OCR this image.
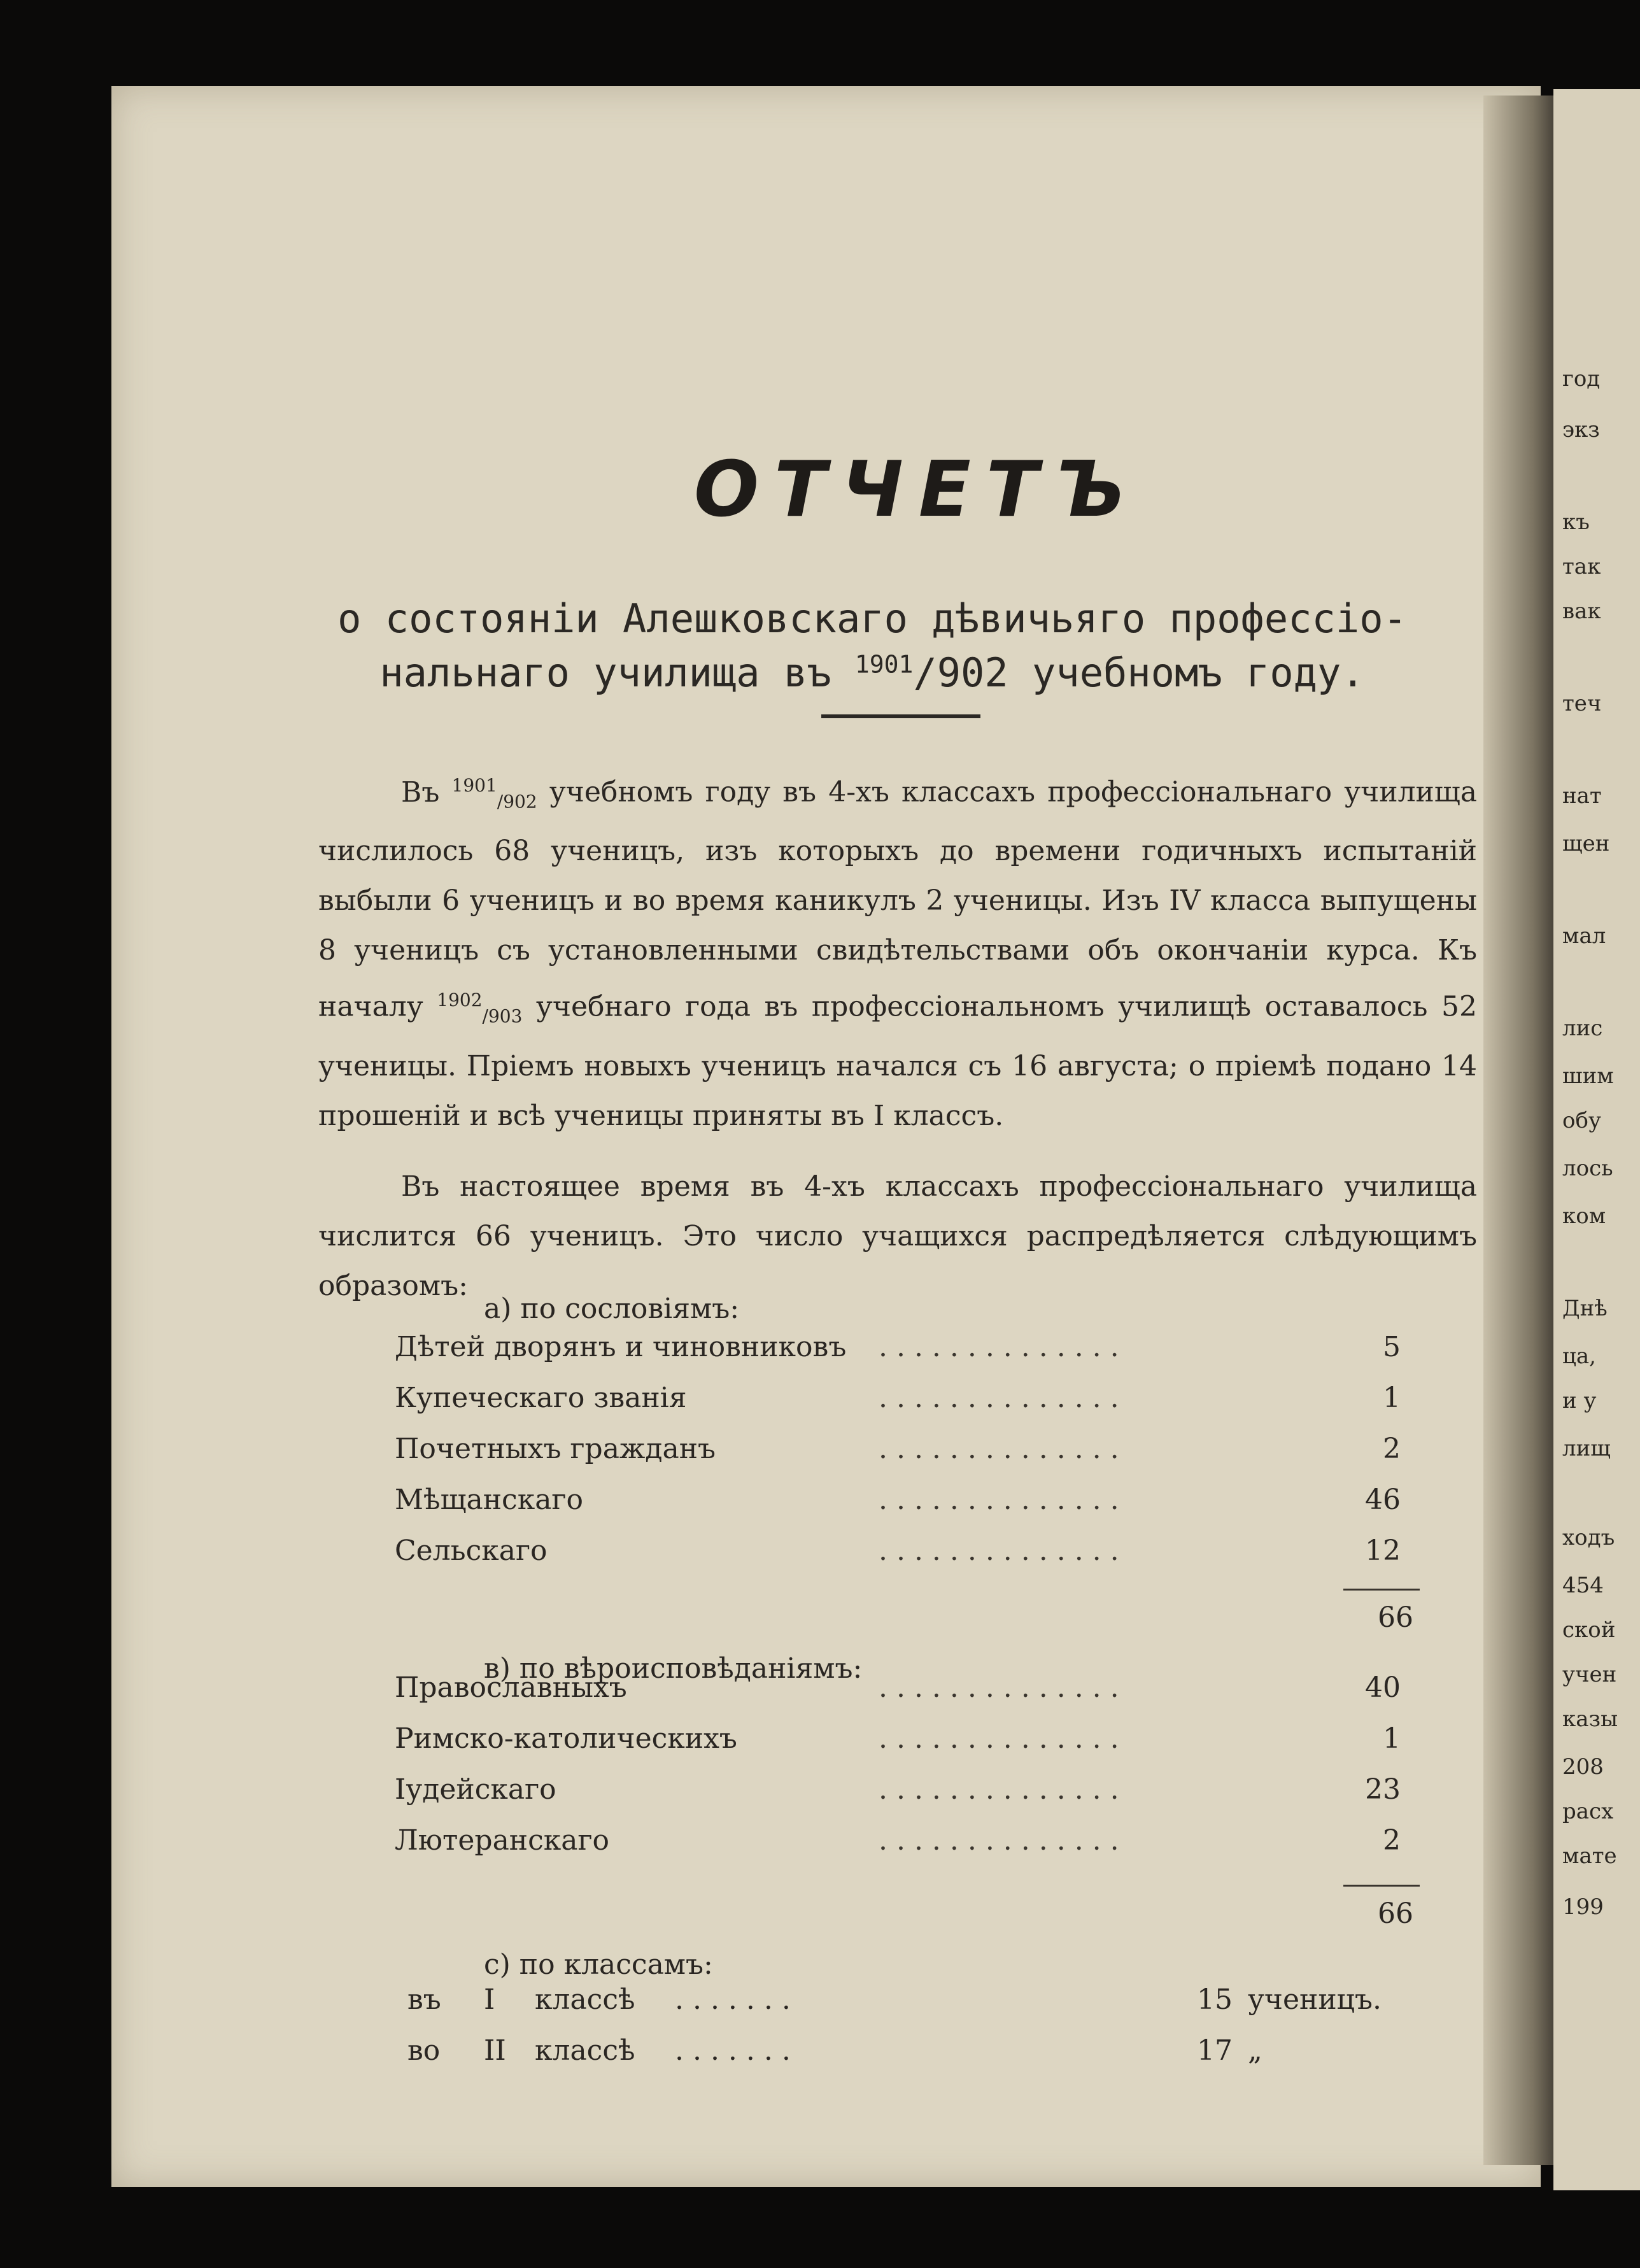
год
экз
къ
так
вак
теч
нат
щен
мал
лис
шим
обу
лось
ком
Днѣ
ца,
и у
лищ
ходъ
454
ской
учен
казы
208
расх
мате
199
ОТЧЕТЪ
о состоянiи Алешковскаго дѣвичьяго профессiо-
нальнаго училища въ $^{1901}$/902 учебномъ году.
Въ $^{1901}_{/902}$ учебномъ году въ 4-хъ классахъ профессiональнаго училища числилось 68 ученицъ, изъ которыхъ до времени годичныхъ испытанiй выбыли 6 ученицъ и во время каникулъ 2 ученицы. Изъ IV класса выпущены 8 ученицъ съ установленными свидѣтельствами объ окончанiи курса. Къ началу $^{1902}_{/903}$ учебнаго года въ профессiональномъ училищѣ оставалось 52 ученицы. Прiемъ новыхъ ученицъ начался съ 16 августа; о прiемѣ подано 14 прошенiй и всѣ ученицы приняты въ I классъ.
Въ настоящее время въ 4-хъ классахъ профессiональнаго училища числится 66 ученицъ. Это число учащихся распредѣляется слѣдующимъ образомъ:
а) по сословiямъ:
. . . . . . . . . . . . . .
Дѣтей дворянъ и чиновниковъ	5
. . . . . . . . . . . . . .
Купеческаго званiя	1
. . . . . . . . . . . . . .
Почетныхъ гражданъ	2
. . . . . . . . . . . . . .
Мѣщанскаго	46
. . . . . . . . . . . . . .
Сельскаго	12
66
в) по вѣроисповѣданiямъ:
. . . . . . . . . . . . . .
Православныхъ	40
. . . . . . . . . . . . . .
Римско-католическихъ	1
. . . . . . . . . . . . . .
Iудейскаго	23
. . . . . . . . . . . . . .
Лютеранскаго	2
66
с) по классамъ:
въ I классѣ . . . . . . .	15 ученицъ.
во II классѣ . . . . . . .	17 „
